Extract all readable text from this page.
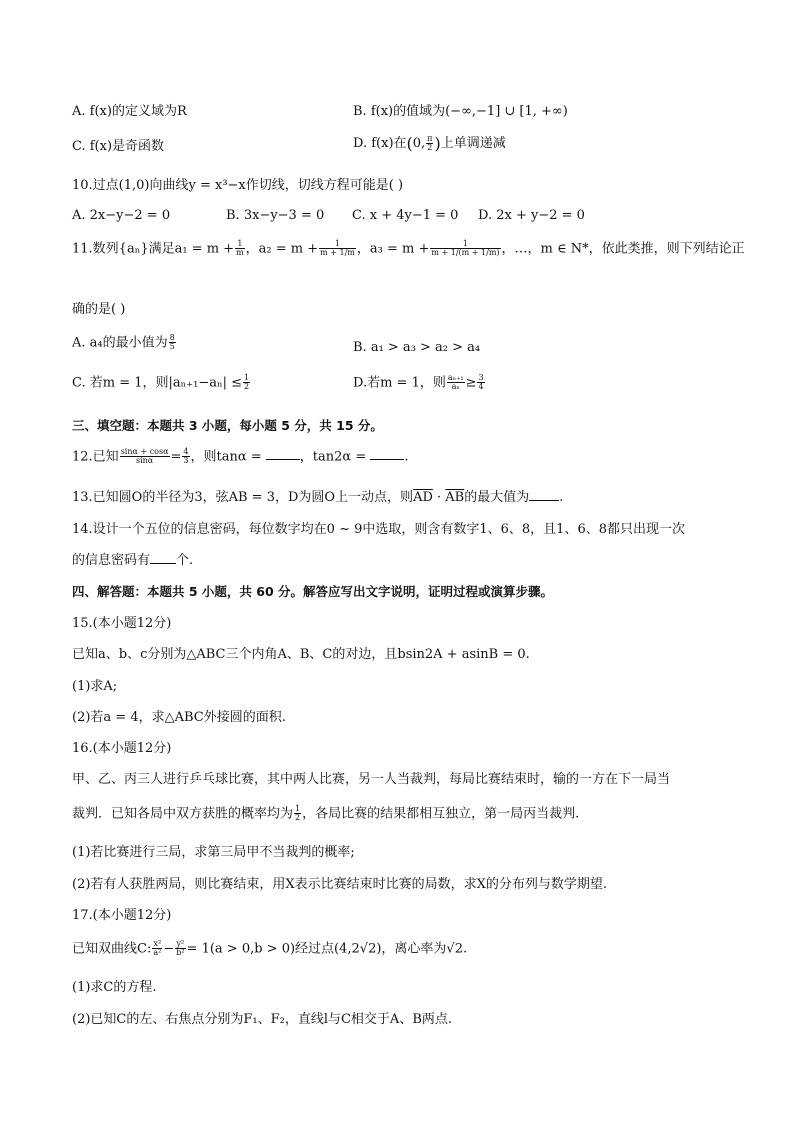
A. f(x)的定义域为R	B. f(x)的值域为(−∞,−1] ∪ [1, +∞)
C. f(x)是奇函数	D. f(x)在(0, $\frac{\pi}{2}$ )上单调递减
10.过点(1,0)向曲线y = x³−x作切线，切线方程可能是( )
A. 2x−y−2 = 0	B. 3x−y−3 = 0 C. x + 4y−1 = 0 D. 2x + y−2 = 0
11.数列{aₙ}满足$a_1 = m + \frac{1}{m}$ ，$a_2 = m + \frac{1}{m + 1/m}$ ，$a_3 = m + \frac{1}{m + 1/(m + 1/m)}$ ，…，m ∈ N*，依此类推，则下列结论正
确的是( )
A. a₄的最小值为 $\frac{8}{5}$	B. a₁ > a₃ > a₂ > a₄
C. 若m = 1，则$|a_{n+1}-a_n| \le \frac{1}{2}$	D.若m = 1，则 $\frac{\text{aₙ₊₁}}{\text{aₙ}} \ge \frac{3}{4}$
三、填空题：本题共 3 小题，每小题 5 分，共 15 分。
12.已知 $\frac{\sin\alpha + \cos\alpha}{\sin\alpha} = \frac{4}{3}$ ，则tanα =	，tan2α =	.
13.已知圆O的半径为3，弦AB = 3，D为圆O上一动点，则$\overline{AD} \cdot \overline{AB}$的最大值为 .
14.设计一个五位的信息密码，每位数字均在0 ~ 9中选取，则含有数字1、6、8，且1、6、8都只出现一次
的信息密码有 个.
四、解答题：本题共 5 小题，共 60 分。解答应写出文字说明，证明过程或演算步骤。
15.(本小题12分)
已知a、b、c分别为△ABC三个内角A、B、C的对边，且bsin2A + asinB = 0.
(1)求A;
(2)若a = 4，求△ABC外接圆的面积.
16.(本小题12分)
甲、乙、丙三人进行乒乓球比赛，其中两人比赛，另一人当裁判，每局比赛结束时，输的一方在下一局当
裁判．已知各局中双方获胜的概率均为 $\frac{1}{2}$ ，各局比赛的结果都相互独立，第一局丙当裁判.
(1)若比赛进行三局，求第三局甲不当裁判的概率;
(2)若有人获胜两局，则比赛结束，用X表示比赛结束时比赛的局数，求X的分布列与数学期望.
17.(本小题12分)
已知双曲线C: $\frac{\text{x²}}{\text{a²}} - \frac{\text{y²}}{\text{b²}} = 1(a > 0,b > 0)$经过点(4,2√2)，离心率为√2.
(1)求C的方程.
(2)已知C的左、右焦点分别为F₁、F₂，直线l与C相交于A、B两点.
